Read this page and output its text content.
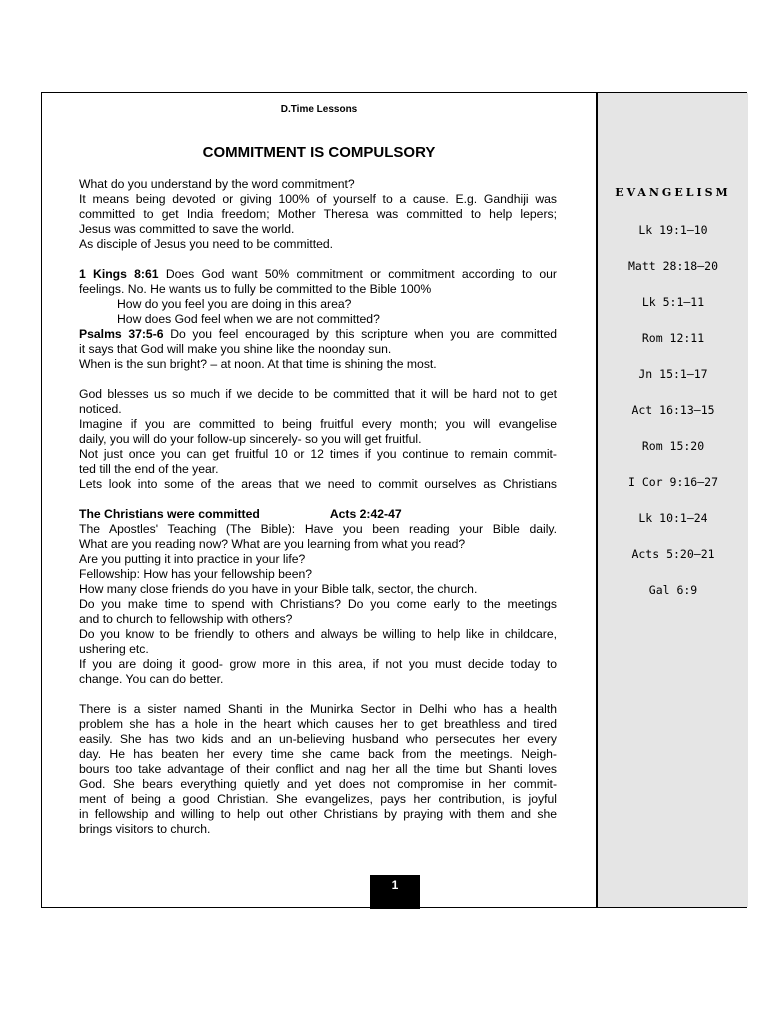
D.Time Lessons
COMMITMENT IS COMPULSORY
What do you understand by the word commitment?
It means being devoted or giving 100% of yourself to a cause. E.g. Gandhiji was
committed to get India freedom; Mother Theresa was committed to help lepers;
Jesus was committed to save the world.
As disciple of Jesus you need to be committed.
1 Kings 8:61 Does God want 50% commitment or commitment according to our
feelings. No. He wants us to fully be committed to the Bible 100%
How do you feel you are doing in this area?
How does God feel when we are not committed?
Psalms 37:5-6 Do you feel encouraged by this scripture when you are committed
it says that God will make you shine like the noonday sun.
When is the sun bright? – at noon. At that time is shining the most.
God blesses us so much if we decide to be committed that it will be hard not to get
noticed.
Imagine if you are committed to being fruitful every month; you will evangelise
daily, you will do your follow-up sincerely- so you will get fruitful.
Not just once you can get fruitful 10 or 12 times if you continue to remain commit-
ted till the end of the year.
Lets look into some of the areas that we need to commit ourselves as Christians
The Christians were committed	Acts 2:42-47
The Apostles' Teaching (The Bible): Have you been reading your Bible daily.
What are you reading now? What are you learning from what you read?
Are you putting it into practice in your life?
Fellowship: How has your fellowship been?
How many close friends do you have in your Bible talk, sector, the church.
Do you make time to spend with Christians? Do you come early to the meetings
and to church to fellowship with others?
Do you know to be friendly to others and always be willing to help like in childcare,
ushering etc.
If you are doing it good- grow more in this area, if not you must decide today to
change. You can do better.
There is a sister named Shanti in the Munirka Sector in Delhi who has a health
problem she has a hole in the heart which causes her to get breathless and tired
easily. She has two kids and an un-believing husband who persecutes her every
day. He has beaten her every time she came back from the meetings. Neigh-
bours too take advantage of their conflict and nag her all the time but Shanti loves
God. She bears everything quietly and yet does not compromise in her commit-
ment of being a good Christian. She evangelizes, pays her contribution, is joyful
in fellowship and willing to help out other Christians by praying with them and she
brings visitors to church.
1
EVANGELISM
Lk 19:1–10
Matt 28:18–20
Lk 5:1–11
Rom 12:11
Jn 15:1–17
Act 16:13–15
Rom 15:20
I Cor 9:16–27
Lk 10:1–24
Acts 5:20–21
Gal 6:9
